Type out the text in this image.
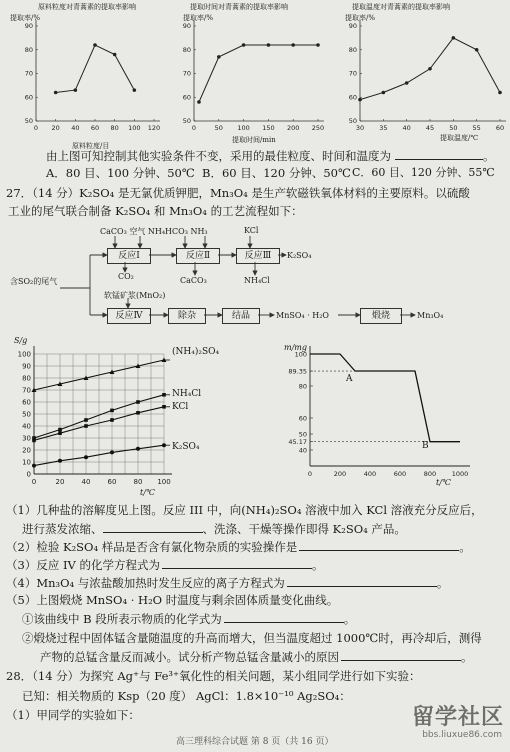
原料粒度对青蒿素的提取率影响
提取率/%
0 20 40 60 80 100 120
50
60
70
80
90
原料粒度/目
提取时间对青蒿素的提取率影响
提取率/%
0	50 100 150 200 250
50
60
70
80
90
提取时间/min
提取温度对青蒿素的提取率影响
提取率/%
30 35 40 45 50 55 60
50
60
70
80
90
提取温度/℃
由上图可知控制其他实验条件不变，采用的最佳粒度、时间和温度为	。
A．80 目、100 分钟、50℃ B．60 目、120 分钟、50℃ C．60 目、120 分钟、55℃
27．（14 分）K₂SO₄ 是无氯优质钾肥，Mn₃O₄ 是生产软磁铁氧体材料的主要原料。以硫酸
工业的尾气联合制备 K₂SO₄ 和 Mn₃O₄ 的工艺流程如下：
CaCO₃ 空气 NH₄HCO₃ NH₃	KCl
反应Ⅰ	反应Ⅱ	反应Ⅲ	K₂SO₄
CO₂	CaCO₃	NH₄Cl
含SO₂的尾气
软锰矿浆(MnO₂)
反应Ⅳ	除杂	结晶	MnSO₄ · H₂O	煅烧	Mn₃O₄
S/g
0
10
20
30
40
50
60
70
80
90
100
0	20 40 60 80 100
t/℃
(NH₄)₂SO₄
NH₄Cl
KCl
K₂SO₄
m/mg
100
89.35
80
60
50
45.17
40
0	200	400	600	800 1000
t/℃
A
B
（1）几种盐的溶解度见上图。反应 III 中，向(NH₄)₂SO₄ 溶液中加入 KCl 溶液充分反应后，
进行蒸发浓缩、	、洗涤、干燥等操作即得 K₂SO₄ 产品。
（2）检验 K₂SO₄ 样品是否含有氯化物杂质的实验操作是	。
（3）反应 IV 的化学方程式为	。
（4）Mn₃O₄ 与浓盐酸加热时发生反应的离子方程式为	。
（5）上图煅烧 MnSO₄ · H₂O 时温度与剩余固体质量变化曲线。
①该曲线中 B 段所表示物质的化学式为	。
②煅烧过程中固体锰含量随温度的升高而增大，但当温度超过 1000℃时，再冷却后，测得
产物的总锰含量反而减小。试分析产物总锰含量减小的原因	。
28．（14 分）为探究 Ag⁺与 Fe³⁺氧化性的相关问题，某小组同学进行如下实验：
已知：相关物质的 Ksp（20 度） AgCl：1.8×10⁻¹⁰ Ag₂SO₄：
（1）甲同学的实验如下：
高三理科综合试题 第 8 页（共 16 页）
留学社区
bbs.liuxue86.com
